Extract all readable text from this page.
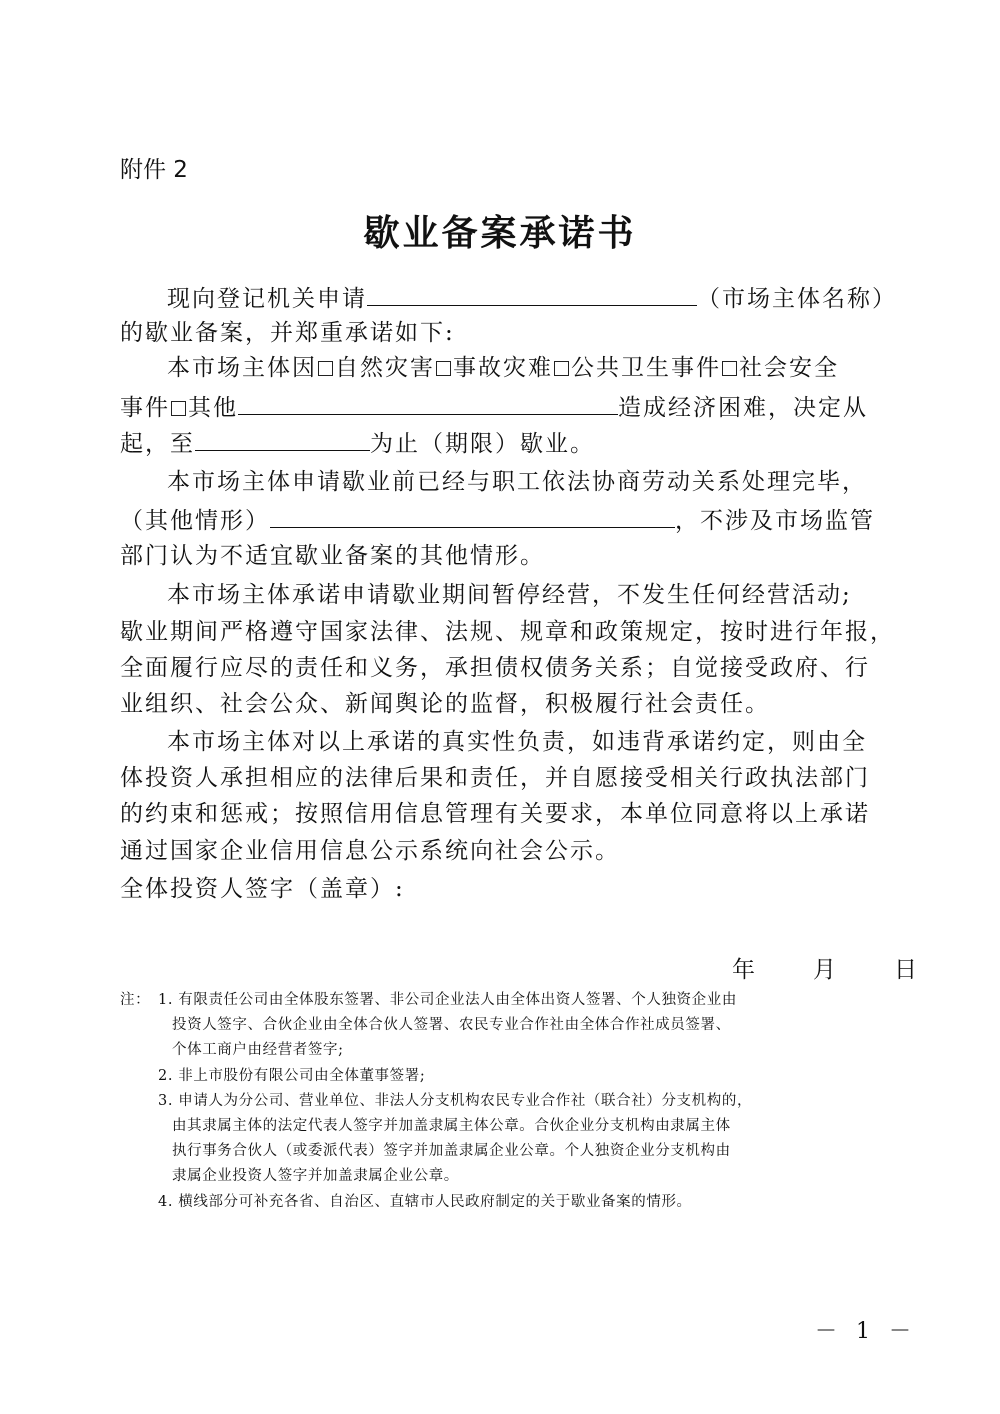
附件 2
歇业备案承诺书
现向登记机关申请	（市场主体名称）
的歇业备案，并郑重承诺如下:
本市场主体因 自然灾害 事故灾难 公共卫生事件 社会安全
事件 其他	造成经济困难，决定从
起，至	为止（期限）歇业。
本市场主体申请歇业前已经与职工依法协商劳动关系处理完毕，
（其他情形）	，不涉及市场监管
部门认为不适宜歇业备案的其他情形。
本市场主体承诺申请歇业期间暂停经营，不发生任何经营活动;
歇业期间严格遵守国家法律、法规、规章和政策规定，按时进行年报，
全面履行应尽的责任和义务，承担债权债务关系；自觉接受政府、行
业组织、社会公众、新闻舆论的监督，积极履行社会责任。
本市场主体对以上承诺的真实性负责，如违背承诺约定，则由全
体投资人承担相应的法律后果和责任，并自愿接受相关行政执法部门
的约束和惩戒；按照信用信息管理有关要求，本单位同意将以上承诺
通过国家企业信用信息公示系统向社会公示。
全体投资人签字（盖章）:
年	月	日
注： 1. 有限责任公司由全体股东签署、非公司企业法人由全体出资人签署、个人独资企业由
投资人签字、合伙企业由全体合伙人签署、农民专业合作社由全体合作社成员签署、
个体工商户由经营者签字;
2. 非上市股份有限公司由全体董事签署;
3. 申请人为分公司、营业单位、非法人分支机构农民专业合作社（联合社）分支机构的，
由其隶属主体的法定代表人签字并加盖隶属主体公章。合伙企业分支机构由隶属主体
执行事务合伙人（或委派代表）签字并加盖隶属企业公章。个人独资企业分支机构由
隶属企业投资人签字并加盖隶属企业公章。
4. 横线部分可补充各省、自治区、直辖市人民政府制定的关于歇业备案的情形。
－ 1 －
